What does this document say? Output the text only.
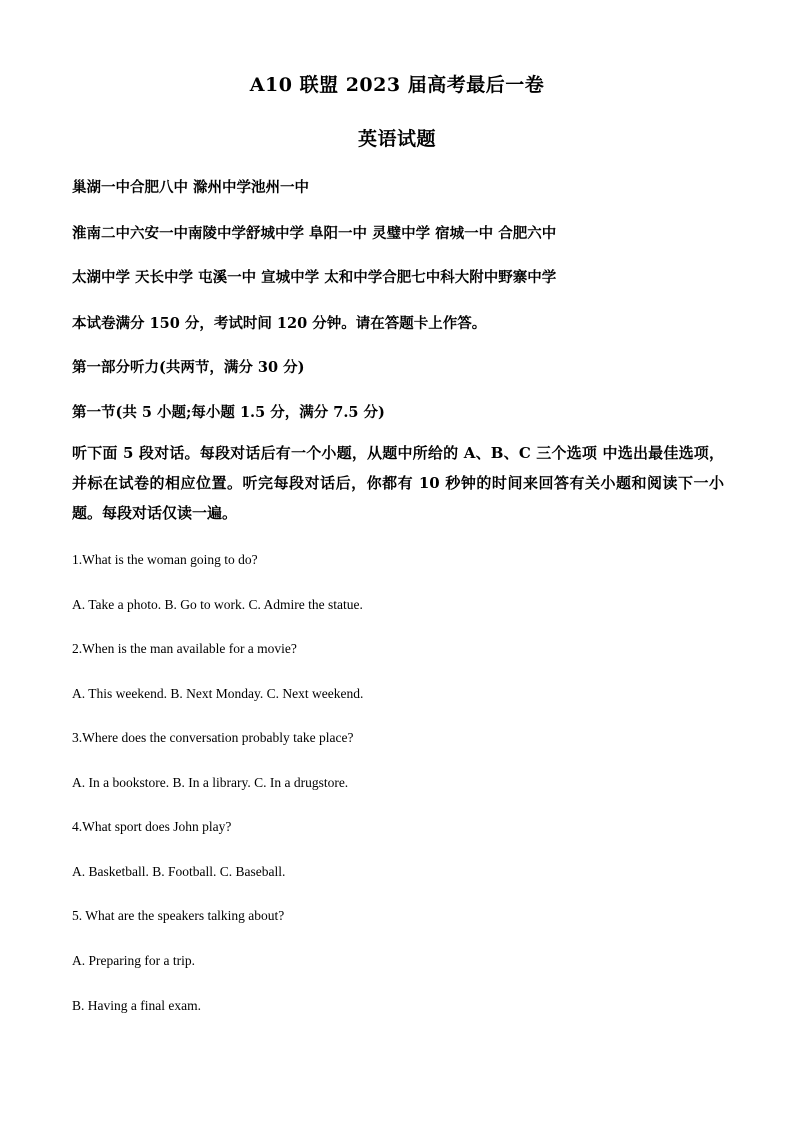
A10 联盟 2023 届高考最后一卷
英语试题
巢湖一中合肥八中 滁州中学池州一中
淮南二中六安一中南陵中学舒城中学 阜阳一中 灵璧中学 宿城一中 合肥六中
太湖中学 天长中学 屯溪一中 宣城中学 太和中学合肥七中科大附中野寨中学
本试卷满分 150 分，考试时间 120 分钟。请在答题卡上作答。
第一部分听力(共两节，满分 30 分)
第一节(共 5 小题;每小题 1.5 分，满分 7.5 分)
听下面 5 段对话。每段对话后有一个小题，从题中所给的 A、B、C 三个选项 中选出最佳选项，并标在试卷的相应位置。听完每段对话后，你都有 10 秒钟的时间来回答有关小题和阅读下一小题。每段对话仅读一遍。
1.What is the woman going to do?
A. Take a photo. B. Go to work. C. Admire the statue.
2.When is the man available for a movie?
A. This weekend. B. Next Monday. C. Next weekend.
3.Where does the conversation probably take place?
A. In a bookstore. B. In a library. C. In a drugstore.
4.What sport does John play?
A. Basketball. B. Football. C. Baseball.
5. What are the speakers talking about?
A. Preparing for a trip.
B. Having a final exam.
